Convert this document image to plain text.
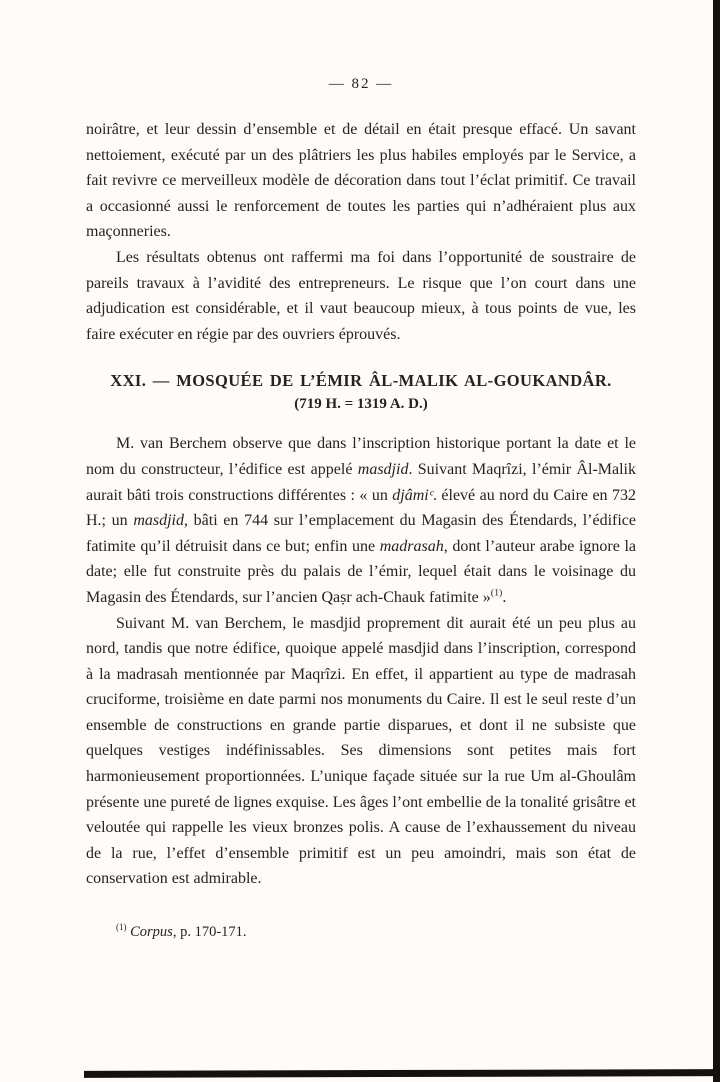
— 82 —

noirâtre, et leur dessin d’ensemble et de détail en était presque effacé. Un savant nettoiement, exécuté par un des plâtriers les plus habiles employés par le Service, a fait revivre ce merveilleux modèle de décoration dans tout l’éclat primitif. Ce travail a occasionné aussi le renforcement de toutes les parties qui n’adhéraient plus aux maçonneries.

Les résultats obtenus ont raffermi ma foi dans l’opportunité de soustraire de pareils travaux à l’avidité des entrepreneurs. Le risque que l’on court dans une adjudication est considérable, et il vaut beaucoup mieux, à tous points de vue, les faire exécuter en régie par des ouvriers éprouvés.

XXI. — MOSQUÉE DE L’ÉMIR ÂL-MALIK AL-GOUKANDÂR.
(719 H. = 1319 A. D.)

M. van Berchem observe que dans l’inscription historique portant la date et le nom du constructeur, l’édifice est appelé masdjid. Suivant Maqrîzi, l’émir Âl-Malik aurait bâti trois constructions différentes : « un djâmiᶜ. élevé au nord du Caire en 732 H.; un masdjid, bâti en 744 sur l’emplacement du Magasin des Étendards, l’édifice fatimite qu’il détruisit dans ce but; enfin une madrasah, dont l’auteur arabe ignore la date; elle fut construite près du palais de l’émir, lequel était dans le voisinage du Magasin des Étendards, sur l’ancien Qaṣr ach-Chauk fatimite »$^{(1)}$.

Suivant M. van Berchem, le masdjid proprement dit aurait été un peu plus au nord, tandis que notre édifice, quoique appelé masdjid dans l’inscription, correspond à la madrasah mentionnée par Maqrîzi. En effet, il appartient au type de madrasah cruciforme, troisième en date parmi nos monuments du Caire. Il est le seul reste d’un ensemble de constructions en grande partie disparues, et dont il ne subsiste que quelques vestiges indéfinissables. Ses dimensions sont petites mais fort harmonieusement proportionnées. L’unique façade située sur la rue Um al-Ghoulâm présente une pureté de lignes exquise. Les âges l’ont embellie de la tonalité grisâtre et veloutée qui rappelle les vieux bronzes polis. A cause de l’exhaussement du niveau de la rue, l’effet d’ensemble primitif est un peu amoindri, mais son état de conservation est admirable.

$^{(1)}$ Corpus, p. 170-171.
